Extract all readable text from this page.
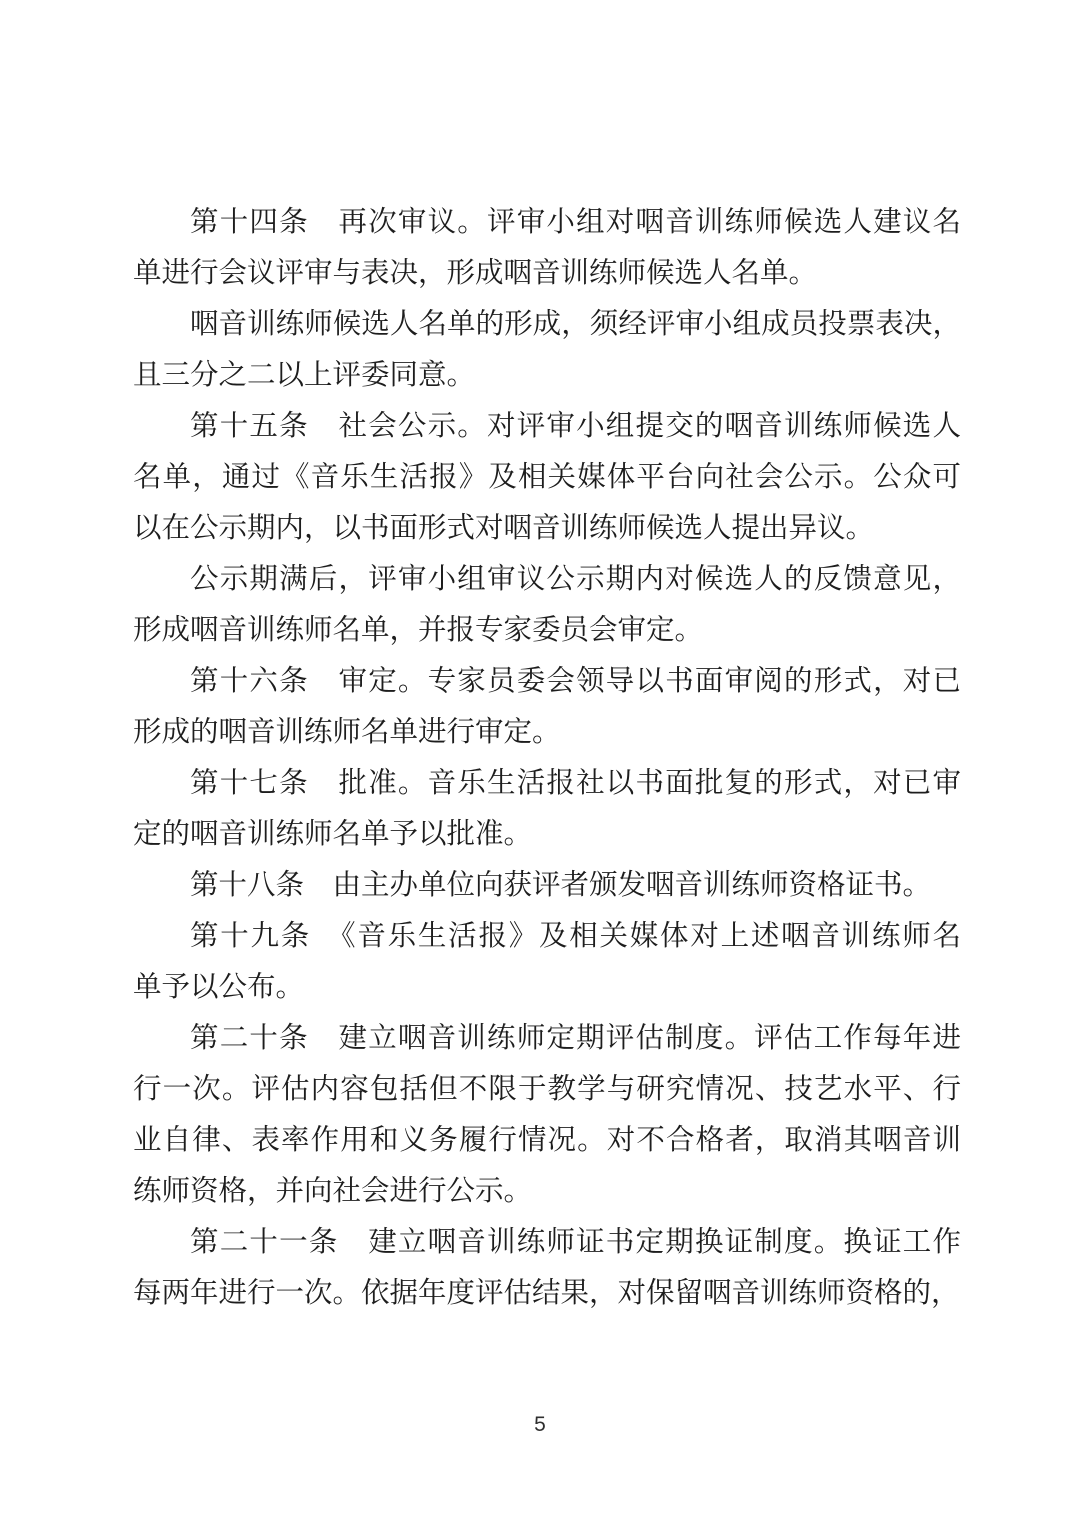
第十四条　再次审议。评审小组对咽音训练师候选人建议名
单进行会议评审与表决，形成咽音训练师候选人名单。
咽音训练师候选人名单的形成，须经评审小组成员投票表决，
且三分之二以上评委同意。
第十五条　社会公示。对评审小组提交的咽音训练师候选人
名单，通过《音乐生活报》及相关媒体平台向社会公示。公众可
以在公示期内，以书面形式对咽音训练师候选人提出异议。
公示期满后，评审小组审议公示期内对候选人的反馈意见，
形成咽音训练师名单，并报专家委员会审定。
第十六条　审定。专家员委会领导以书面审阅的形式，对已
形成的咽音训练师名单进行审定。
第十七条　批准。音乐生活报社以书面批复的形式，对已审
定的咽音训练师名单予以批准。
第十八条　由主办单位向获评者颁发咽音训练师资格证书。
第十九条　《音乐生活报》及相关媒体对上述咽音训练师名
单予以公布。
第二十条　建立咽音训练师定期评估制度。评估工作每年进
行一次。评估内容包括但不限于教学与研究情况、技艺水平、行
业自律、表率作用和义务履行情况。对不合格者，取消其咽音训
练师资格，并向社会进行公示。
第二十一条　建立咽音训练师证书定期换证制度。换证工作
每两年进行一次。依据年度评估结果，对保留咽音训练师资格的，
5
